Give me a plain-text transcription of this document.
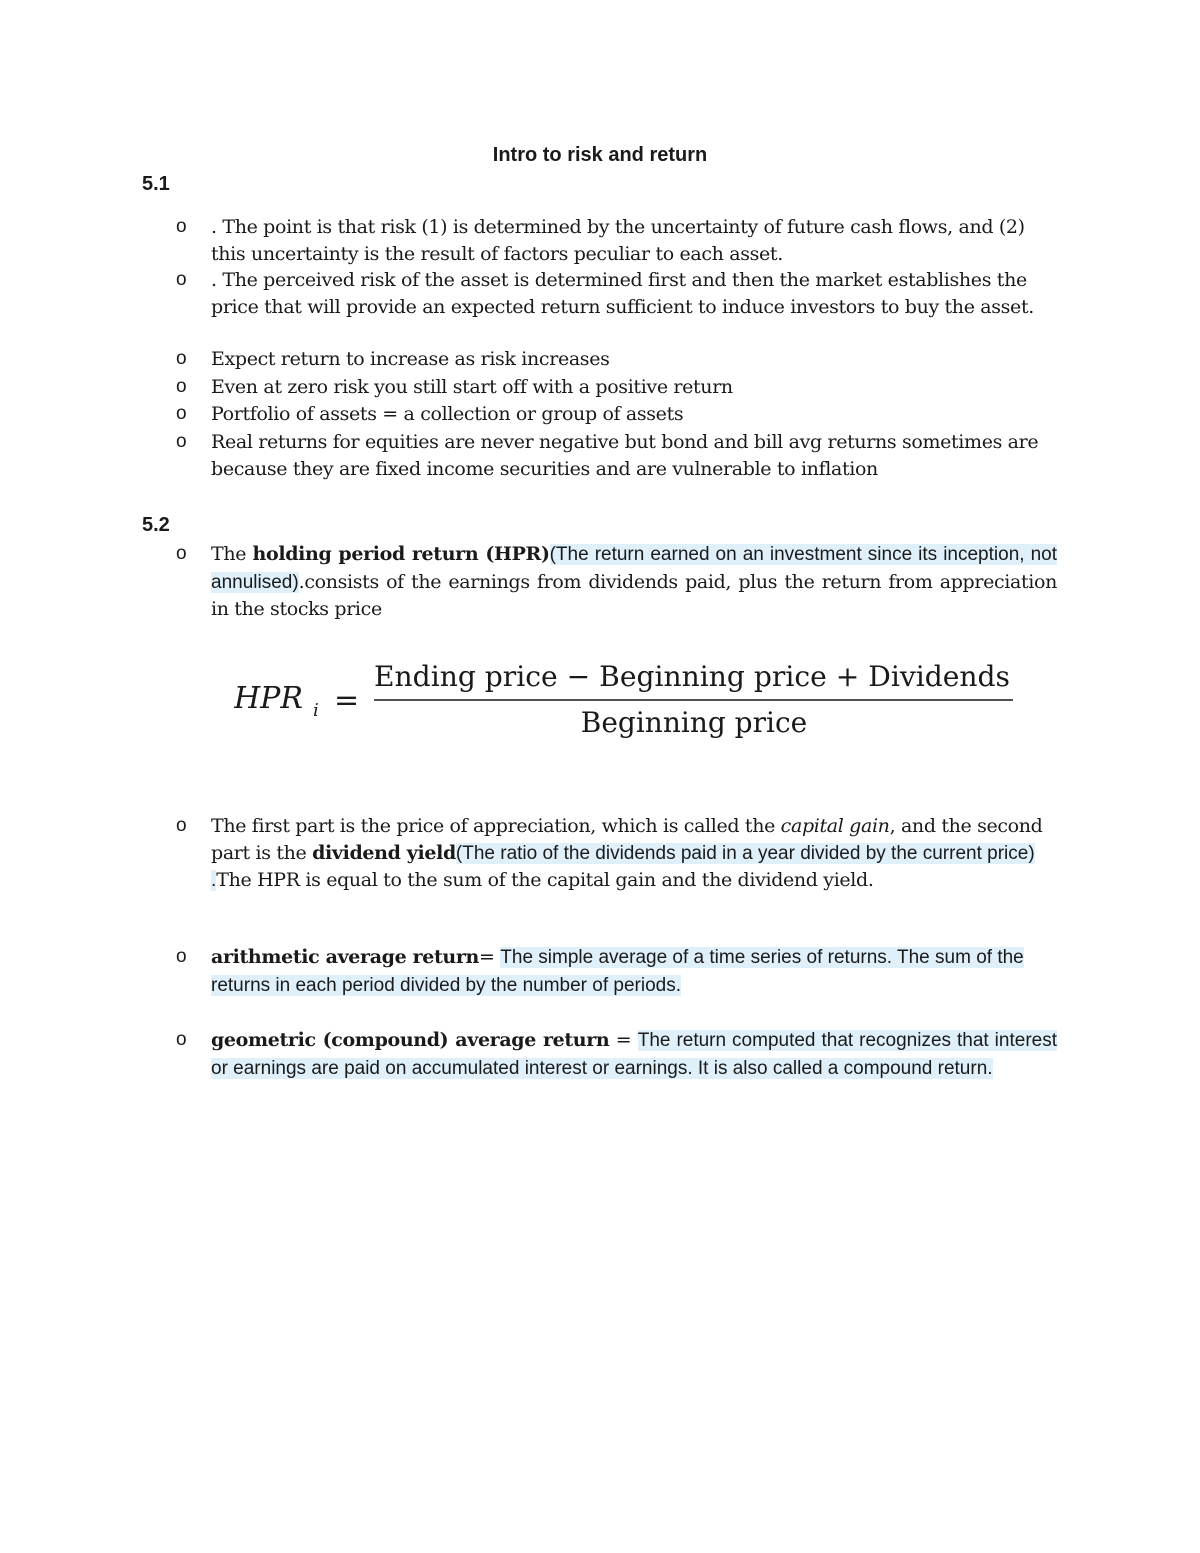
Intro to risk and return
5.1
o . The point is that risk (1) is determined by the uncertainty of future cash flows, and (2) this uncertainty is the result of factors peculiar to each asset.
o . The perceived risk of the asset is determined first and then the market establishes the price that will provide an expected return sufficient to induce investors to buy the asset.
o Expect return to increase as risk increases
o Even at zero risk you still start off with a positive return
o Portfolio of assets = a collection or group of assets
o Real returns for equities are never negative but bond and bill avg returns sometimes are because they are fixed income securities and are vulnerable to inflation
5.2
o The holding period return (HPR)(The return earned on an investment since its inception, not annulised).consists of the earnings from dividends paid, plus the return from appreciation in the stocks price
HPR i =
Ending price − Beginning price + Dividends
Beginning price
o The first part is the price of appreciation, which is called the capital gain, and the second part is the dividend yield(The ratio of the dividends paid in a year divided by the current price) .The HPR is equal to the sum of the capital gain and the dividend yield.
o arithmetic average return= The simple average of a time series of returns. The sum of the returns in each period divided by the number of periods.
o geometric (compound) average return = The return computed that recognizes that interest or earnings are paid on accumulated interest or earnings. It is also called a compound return.
